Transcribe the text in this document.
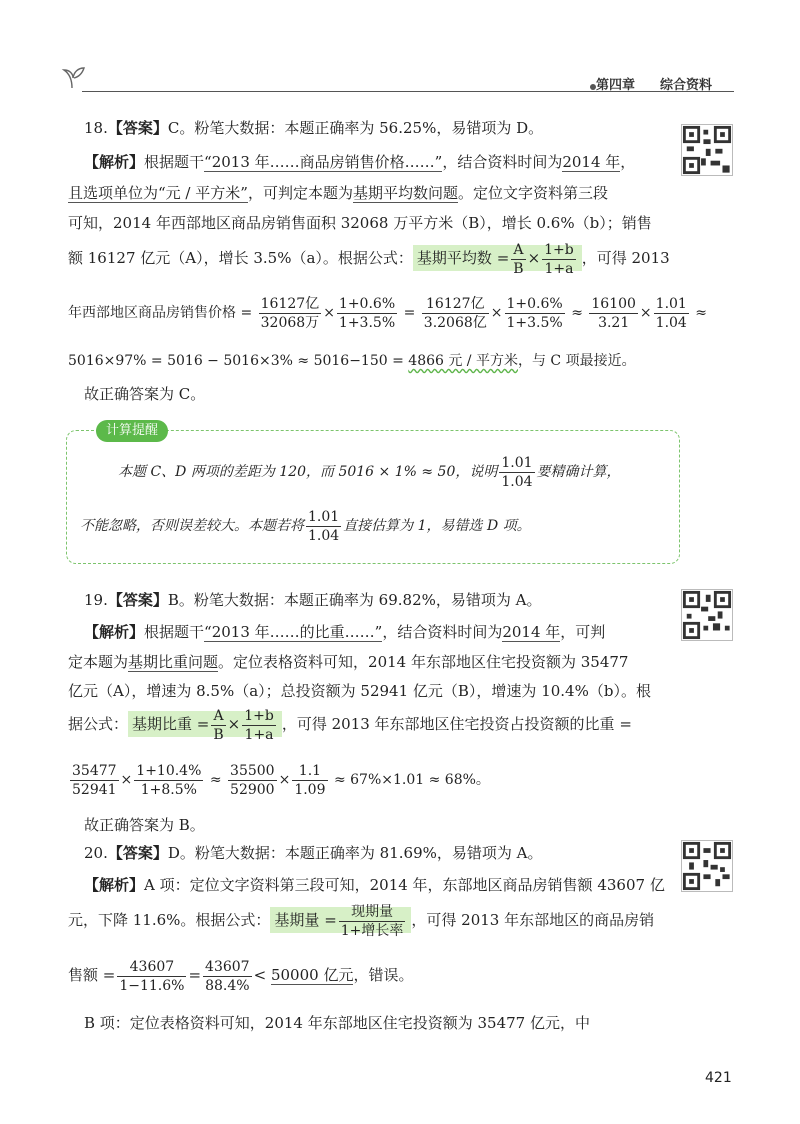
第四章 综合资料
18.【答案】C。粉笔大数据：本题正确率为 56.25%，易错项为 D。
【解析】根据题干“2013 年……商品房销售价格……”，结合资料时间为2014 年，
且选项单位为“元 / 平方米”，可判定本题为基期平均数问题。定位文字资料第三段
可知，2014 年西部地区商品房销售面积 32068 万平方米（B），增长 0.6%（b）；销售
额 16127 亿元（A），增长 3.5%（a）。根据公式： 基期平均数 = $\frac{A}{B} \times \frac{1+b}{1+a}$ ，可得 2013
年西部地区商品房销售价格 = $\frac{\text{16127亿}}{\text{32068万}} \times \frac{1+0.6\%}{1+3.5\%} = \frac{\text{16127亿}}{\text{3.2068亿}} \times \frac{1+0.6\%}{1+3.5\%} \approx \frac{16100}{3.21} \times \frac{1.01}{1.04}$ ≈
5016×97% = 5016 − 5016×3% ≈ 5016−150 = 4866 元 / 平方米，与 C 项最接近。
故正确答案为 C。
计算提醒
本题 C、D 两项的差距为 120，而 5016 × 1% ≈ 50，说明 $\frac{1.01}{1.04}$ 要精确计算，
不能忽略，否则误差较大。本题若将 $\frac{1.01}{1.04}$ 直接估算为 1，易错选 D 项。
19.【答案】B。粉笔大数据：本题正确率为 69.82%，易错项为 A。
【解析】根据题干“2013 年……的比重……”，结合资料时间为2014 年，可判
定本题为基期比重问题。定位表格资料可知，2014 年东部地区住宅投资额为 35477
亿元（A），增速为 8.5%（a）；总投资额为 52941 亿元（B），增速为 10.4%（b）。根
据公式： 基期比重 = $\frac{A}{B} \times \frac{1+b}{1+a}$ ，可得 2013 年东部地区住宅投资占投资额的比重 =
$\frac{35477}{52941} \times \frac{1+10.4\%}{1+8.5\%} \approx \frac{35500}{52900} \times \frac{1.1}{1.09} \approx 67\%\times 1.01 \approx 68\%$。
故正确答案为 B。
20.【答案】D。粉笔大数据：本题正确率为 81.69%，易错项为 A。
【解析】A 项：定位文字资料第三段可知，2014 年，东部地区商品房销售额 43607 亿
元，下降 11.6%。根据公式： 基期量 = $\frac{\text{现期量}}{\text{1+增长率}}$ ，可得 2013 年东部地区的商品房销
售额 = $\frac{43607}{1-11.6\%} = \frac{43607}{88.4\%} < 50000$ 亿元，错误。
B 项：定位表格资料可知，2014 年东部地区住宅投资额为 35477 亿元，中
421
